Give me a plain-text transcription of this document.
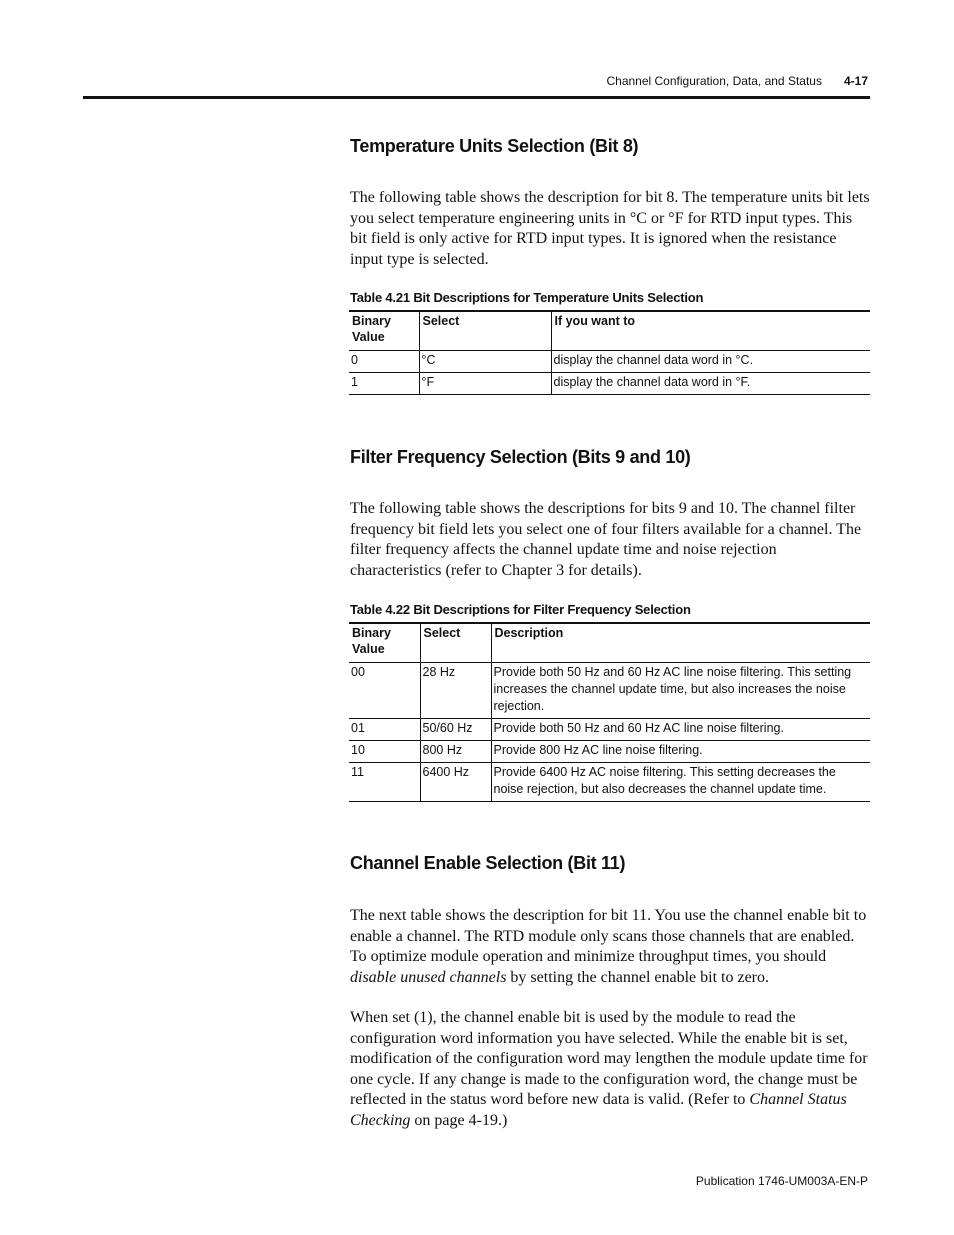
Channel Configuration, Data, and Status 4-17
Temperature Units Selection (Bit 8)

The following table shows the description for bit 8. The temperature units bit lets you select temperature engineering units in °C or °F for RTD input types. This bit field is only active for RTD input types. It is ignored when the resistance input type is selected.

Table 4.21 Bit Descriptions for Temperature Units Selection

Binary Value	Select	If you want to
0	°C	display the channel data word in °C.
1	°F	display the channel data word in °F.
Filter Frequency Selection (Bits 9 and 10)

The following table shows the descriptions for bits 9 and 10. The channel filter frequency bit field lets you select one of four filters available for a channel. The filter frequency affects the channel update time and noise rejection characteristics (refer to Chapter 3 for details).

Table 4.22 Bit Descriptions for Filter Frequency Selection

Binary Value	Select	Description
00	28 Hz	Provide both 50 Hz and 60 Hz AC line noise filtering. This setting increases the channel update time, but also increases the noise rejection.
01	50/60 Hz	Provide both 50 Hz and 60 Hz AC line noise filtering.
10	800 Hz	Provide 800 Hz AC line noise filtering.
11	6400 Hz	Provide 6400 Hz AC noise filtering. This setting decreases the noise rejection, but also decreases the channel update time.
Channel Enable Selection (Bit 11)

The next table shows the description for bit 11. You use the channel enable bit to enable a channel. The RTD module only scans those channels that are enabled. To optimize module operation and minimize throughput times, you should disable unused channels by setting the channel enable bit to zero.

When set (1), the channel enable bit is used by the module to read the configuration word information you have selected. While the enable bit is set, modification of the configuration word may lengthen the module update time for one cycle. If any change is made to the configuration word, the change must be reflected in the status word before new data is valid. (Refer to Channel Status Checking on page 4-19.)

Publication 1746-UM003A-EN-P
